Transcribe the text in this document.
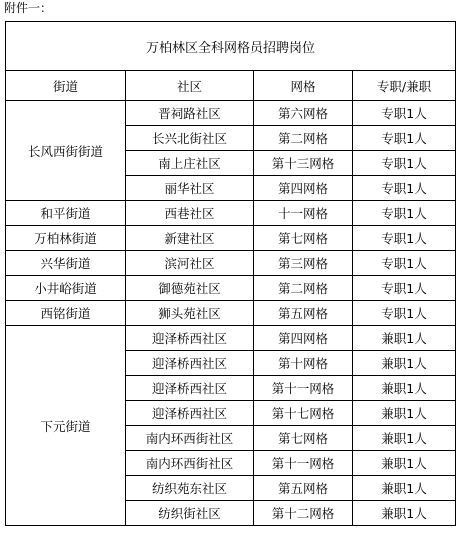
附件一：
万柏林区全科网格员招聘岗位			
街道	社区	网格	专职/兼职
长风西街街道	晋祠路社区	第六网格	专职1人
	长兴北街社区	第二网格	专职1人
	南上庄社区	第十三网格	专职1人
	丽华社区	第四网格	专职1人
和平街道	西巷社区	十一网格	专职1人
万柏林街道	新建社区	第七网格	专职1人
兴华街道	滨河社区	第三网格	专职1人
小井峪街道	御德苑社区	第二网格	专职1人
西铭街道	狮头苑社区	第五网格	专职1人
下元街道	迎泽桥西社区	第四网格	兼职1人
	迎泽桥西社区	第十网格	兼职1人
	迎泽桥西社区	第十一网格	兼职1人
	迎泽桥西社区	第十七网格	兼职1人
	南内环西街社区	第七网格	兼职1人
	南内环西街社区	第十一网格	兼职1人
	纺织苑东社区	第五网格	兼职1人
	纺织街社区	第十二网格	兼职1人
